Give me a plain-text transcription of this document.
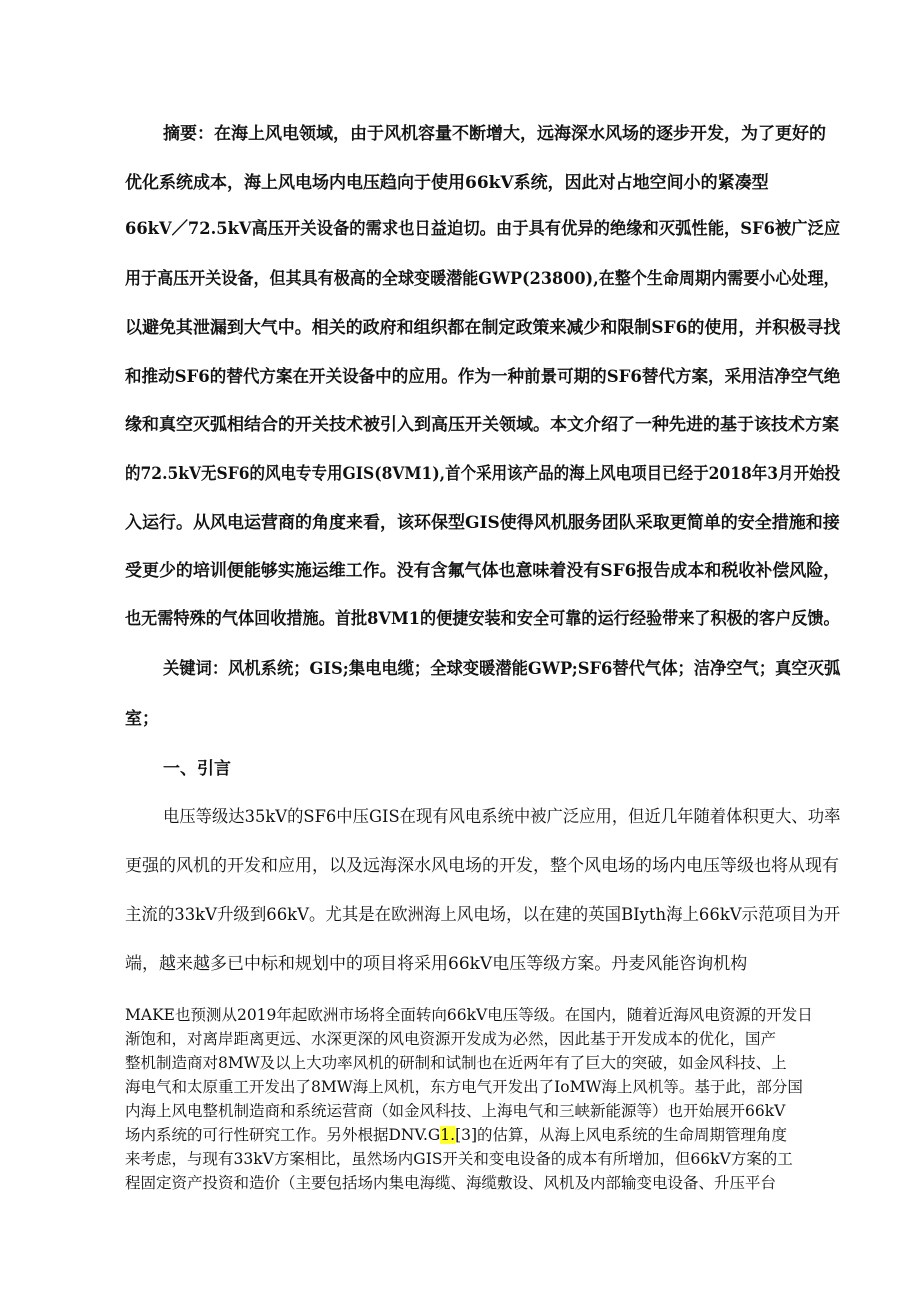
摘要：在海上风电领域，由于风机容量不断增大，远海深水风场的逐步开发，为了更好的
优化系统成本，海上风电场内电压趋向于使用66kV系统，因此对占地空间小的紧凑型
66kV／72.5kV高压开关设备的需求也日益迫切。由于具有优异的绝缘和灭弧性能，SF6被广泛应
用于高压开关设备，但其具有极高的全球变暖潜能GWP(23800),在整个生命周期内需要小心处理，
以避免其泄漏到大气中。相关的政府和组织都在制定政策来减少和限制SF6的使用，并积极寻找
和推动SF6的替代方案在开关设备中的应用。作为一种前景可期的SF6替代方案，采用洁净空气绝
缘和真空灭弧相结合的开关技术被引入到高压开关领域。本文介绍了一种先进的基于该技术方案
的72.5kV无SF6的风电专专用GIS(8VM1),首个采用该产品的海上风电项目已经于2018年3月开始投
入运行。从风电运营商的角度来看，该环保型GIS使得风机服务团队采取更简单的安全措施和接
受更少的培训便能够实施运维工作。没有含氟气体也意味着没有SF6报告成本和税收补偿风险，
也无需特殊的气体回收措施。首批8VM1的便捷安装和安全可靠的运行经验带来了积极的客户反馈。
关键词：风机系统；GIS;集电电缆；全球变暖潜能GWP;SF6替代气体；洁净空气；真空灭弧
室；
一、引言
电压等级达35kV的SF6中压GIS在现有风电系统中被广泛应用，但近几年随着体积更大、功率
更强的风机的开发和应用，以及远海深水风电场的开发，整个风电场的场内电压等级也将从现有
主流的33kV升级到66kV。尤其是在欧洲海上风电场，以在建的英国BIyth海上66kV示范项目为开
端，越来越多已中标和规划中的项目将采用66kV电压等级方案。丹麦风能咨询机构
MAKE也预测从2019年起欧洲市场将全面转向66kV电压等级。在国内，随着近海风电资源的开发日
渐饱和，对离岸距离更远、水深更深的风电资源开发成为必然，因此基于开发成本的优化，国产
整机制造商对8MW及以上大功率风机的研制和试制也在近两年有了巨大的突破，如金风科技、上
海电气和太原重工开发出了8MW海上风机，东方电气开发出了IoMW海上风机等。基于此，部分国
内海上风电整机制造商和系统运营商（如金风科技、上海电气和三峡新能源等）也开始展开66kV
场内系统的可行性研究工作。另外根据DNV.G1.[3]的估算，从海上风电系统的生命周期管理角度
来考虑，与现有33kV方案相比，虽然场内GIS开关和变电设备的成本有所增加，但66kV方案的工
程固定资产投资和造价（主要包括场内集电海缆、海缆敷设、风机及内部输变电设备、升压平台
